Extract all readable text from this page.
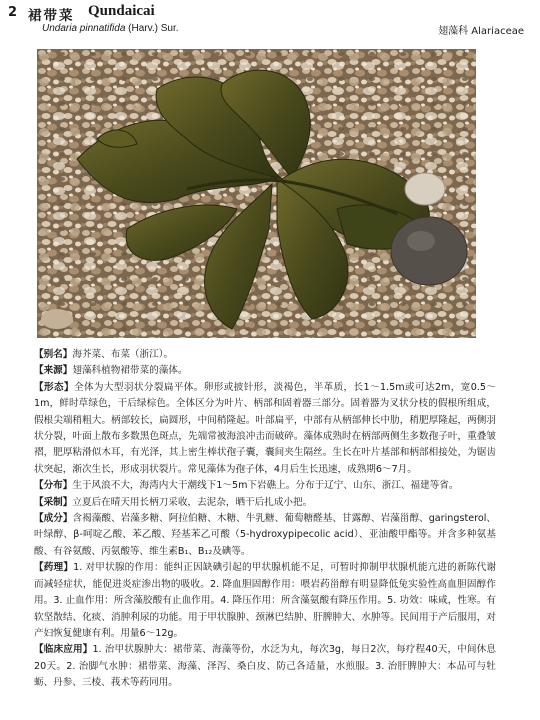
2 裙带菜 Qundaicai
Undaria pinnatifida (Harv.) Sur.	翅藻科 Alariaceae

【别名】海芥菜、布菜（浙江）。

【来源】翅藻科植物裙带菜的藻体。

【形态】全体为大型羽状分裂扁平体。卵形或披针形，淡褐色，半革质，长1～1.5m或可达2m，宽0.5～1m，鲜时草绿色，干后绿棕色。全体区分为叶片、柄部和固着器三部分。固着器为叉状分枝的假根所组成，假根尖端稍粗大。柄部较长，扁圆形，中间稍隆起。叶部扁平，中部有从柄部伸长中肋，稍肥厚隆起，两侧羽状分裂，叶面上散布多数黑色斑点，先端常被海浪冲击而破碎。藻体成熟时在柄部两侧生多数孢子叶，重叠皱褶，肥厚粘滑似木耳，有光泽，其上密生棒状孢子囊，囊间夹生隔丝。生长在叶片基部和柄部相接处，为锯齿状突起，渐次生长，形成羽状裂片。常见藻体为孢子体，4月后生长迅速，成熟期6～7月。

【分布】生于风浪不大，海湾内大干潮线下1～5m下岩礁上。分布于辽宁、山东、浙江、福建等省。

【采制】立夏后在晴天用长柄刀采收，去泥杂，晒干后扎成小把。

【成分】含褐藻酸、岩藻多糖、阿拉伯糖、木糖、牛乳糖、葡萄糖醛基、甘露醇、岩藻甾醇、garingsterol、叶绿醇、β-呵啶乙酸、苯乙酸、羟基苯乙可酸（5-hydroxypipecolic acid）、亚油酸甲酯等。并含多种氨基酸、有谷氨酸、丙氨酸等、维生素B₁、B₁₂及碘等。

【药理】1. 对甲状腺的作用：能纠正因缺碘引起的甲状腺机能不足，可暂时抑制甲状腺机能亢进的新陈代谢而减轻症状，能促进炎症渗出物的吸收。2. 降血胆固醇作用：喂岩药甾醇有明显降低兔实验性高血胆固醇作用。3. 止血作用：所含藻胶酸有止血作用。4. 降压作用：所含藻氨酸有降压作用。5. 功效：味咸，性寒。有软坚散结、化痰、消肿利尿的功能。用于甲状腺肿、颈淋巴结肿、肝脾肿大、水肿等。民间用于产后服用，对产妇恢复健康有利。用量6～12g。

【临床应用】1. 治甲状腺肿大：裙带菜、海藻等份，水泛为丸，每次3g，每日2次，每疗程40天，中间休息20天。2. 治脚气水肿：裙带菜、海藻、泽泻、桑白皮、防己各适量，水煎服。3. 治肝脾肿大：本品可与牡蛎、丹参、三棱、莪术等药同用。
